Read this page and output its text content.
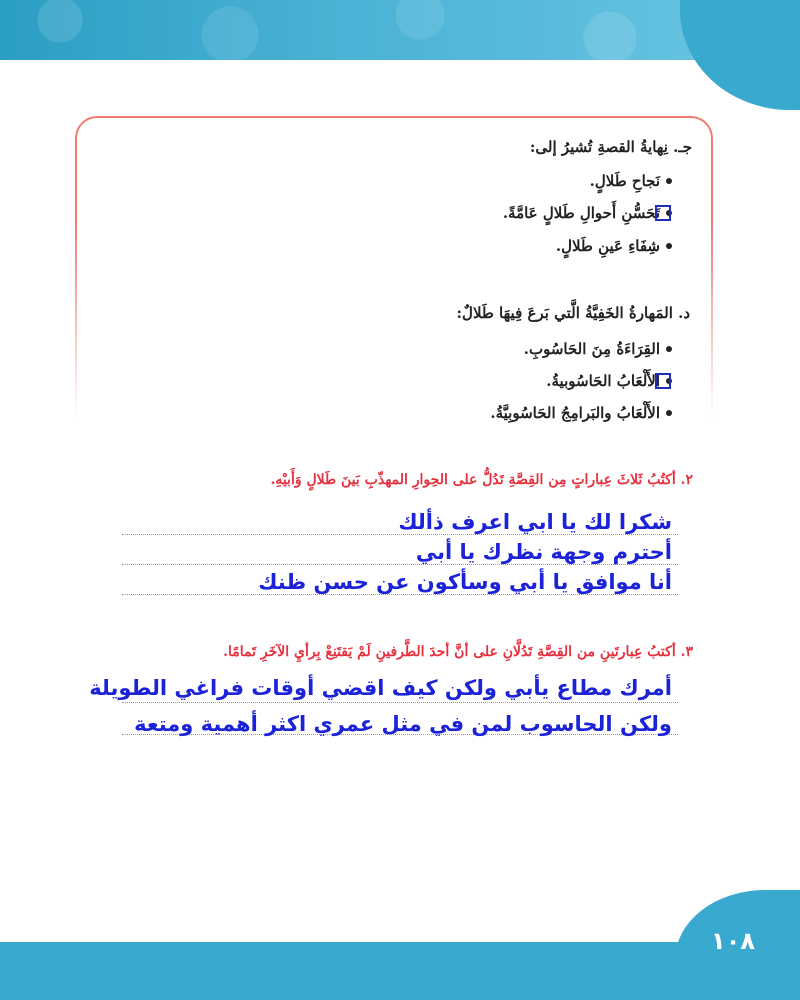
جـ. نِهايةُ القصةِ تُشيرُ إلى:
نَجاحِ طَلالٍ.
تَحَسُّنِ أَحوالِ طَلالٍ عَامَّةً.
شِفَاءِ عَينِ طَلالٍ.
د. المَهارةُ الخَفِيَّةُ الَّتي بَرعَ فِيهَا طَلالٌ:
القِرَاءَةُ مِنَ الحَاسُوبِ.
الأَلْعَابُ الحَاسُوبيةُ.
الأَلْعَابُ والبَرامِجُ الحَاسُوبِيَّةُ.
٢. أكتُبُ ثَلاثَ عِباراتٍ مِن القِصَّةِ تَدُلُّ على الحِوارِ المهذّبِ بَينَ طَلالٍ وَأَبيْهِ.
شكرا لك يا ابي اعرف ذألك
أحترم وجهة نظرك يا أبي
أنا موافق يا أبي وسأكون عن حسن ظنك
٣. أكتبُ عِبارتَينِ من القِصَّةِ تَدُلَّانِ على أنَّ أحدَ الطَّرفينِ لَمْ يَقتَنِعْ بِرأيِ الآخَرِ تَمامًا.
أمرك مطاع يأبي ولكن كيف اقضي أوقات فراغي الطويلة
ولكن الحاسوب لمن في مثل عمري اكثر أهمية ومتعة
١٠٨
